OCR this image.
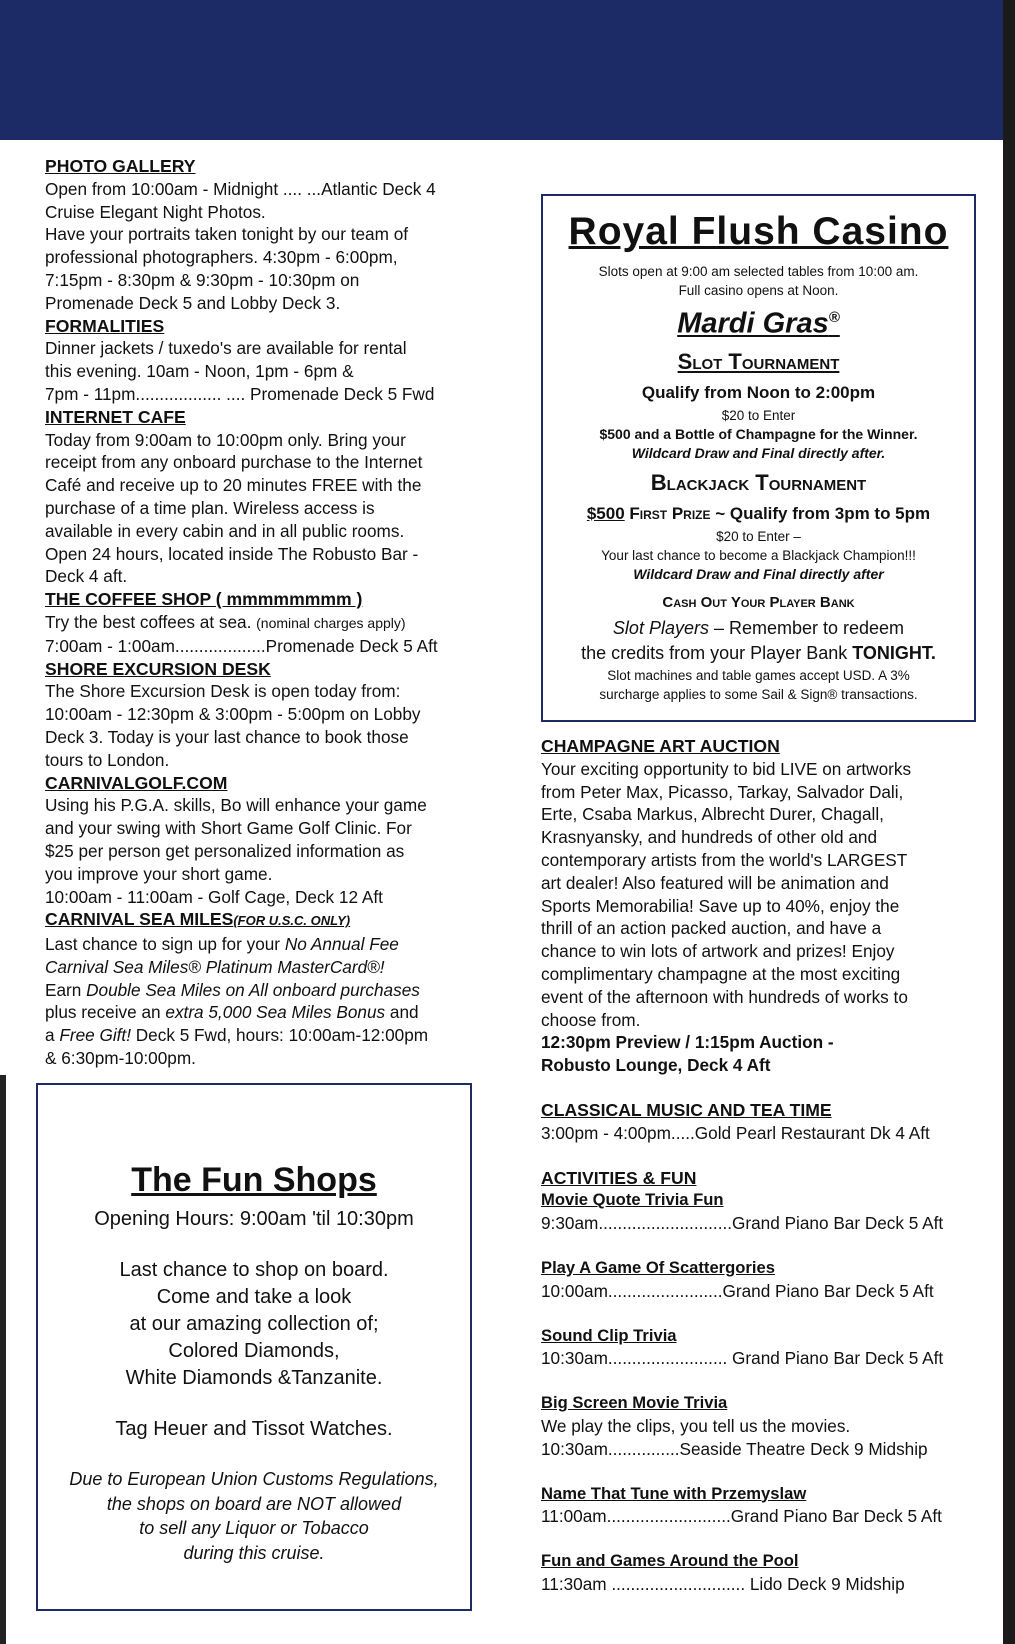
PHOTO GALLERY

Open from 10:00am - Midnight .... ...Atlantic Deck 4

Cruise Elegant Night Photos.

Have your portraits taken tonight by our team of

professional photographers. 4:30pm - 6:00pm,

7:15pm - 8:30pm & 9:30pm - 10:30pm on

Promenade Deck 5 and Lobby Deck 3.

FORMALITIES

Dinner jackets / tuxedo's are available for rental

this evening. 10am - Noon, 1pm - 6pm &

7pm - 11pm.................. .... Promenade Deck 5 Fwd

INTERNET CAFE

Today from 9:00am to 10:00pm only. Bring your

receipt from any onboard purchase to the Internet

Café and receive up to 20 minutes FREE with the

purchase of a time plan. Wireless access is

available in every cabin and in all public rooms.

Open 24 hours, located inside The Robusto Bar -

Deck 4 aft.

THE COFFEE SHOP ( mmmmmmmm )

Try the best coffees at sea. (nominal charges apply)

7:00am - 1:00am...................Promenade Deck 5 Aft

SHORE EXCURSION DESK

The Shore Excursion Desk is open today from:

10:00am - 12:30pm & 3:00pm - 5:00pm on Lobby

Deck 3. Today is your last chance to book those

tours to London.

CARNIVALGOLF.COM

Using his P.G.A. skills, Bo will enhance your game

and your swing with Short Game Golf Clinic. For

$25 per person get personalized information as

you improve your short game.

10:00am - 11:00am - Golf Cage, Deck 12 Aft

CARNIVAL SEA MILES(FOR U.S.C. ONLY)

Last chance to sign up for your No Annual Fee

Carnival Sea Miles® Platinum MasterCard®!

Earn Double Sea Miles on All onboard purchases

plus receive an extra 5,000 Sea Miles Bonus and

a Free Gift! Deck 5 Fwd, hours: 10:00am-12:00pm

& 6:30pm-10:00pm.

Royal Flush Casino

Slots open at 9:00 am selected tables from 10:00 am.

Full casino opens at Noon.

Mardi Gras®

Slot Tournament

Qualify from Noon to 2:00pm

$20 to Enter

$500 and a Bottle of Champagne for the Winner.

Wildcard Draw and Final directly after.

Blackjack Tournament

$500 First Prize ~ Qualify from 3pm to 5pm

$20 to Enter –

Your last chance to become a Blackjack Champion!!!

Wildcard Draw and Final directly after

Cash Out Your Player Bank

Slot Players – Remember to redeem

the credits from your Player Bank TONIGHT.

Slot machines and table games accept USD. A 3%

surcharge applies to some Sail & Sign® transactions.

CHAMPAGNE ART AUCTION

Your exciting opportunity to bid LIVE on artworks

from Peter Max, Picasso, Tarkay, Salvador Dali,

Erte, Csaba Markus, Albrecht Durer, Chagall,

Krasnyansky, and hundreds of other old and

contemporary artists from the world's LARGEST

art dealer! Also featured will be animation and

Sports Memorabilia! Save up to 40%, enjoy the

thrill of an action packed auction, and have a

chance to win lots of artwork and prizes! Enjoy

complimentary champagne at the most exciting

event of the afternoon with hundreds of works to

choose from.

12:30pm Preview / 1:15pm Auction -

Robusto Lounge, Deck 4 Aft

CLASSICAL MUSIC AND TEA TIME

3:00pm - 4:00pm.....Gold Pearl Restaurant Dk 4 Aft

ACTIVITIES & FUN

Movie Quote Trivia Fun

9:30am............................Grand Piano Bar Deck 5 Aft

Play A Game Of Scattergories

10:00am........................Grand Piano Bar Deck 5 Aft

Sound Clip Trivia

10:30am......................... Grand Piano Bar Deck 5 Aft

Big Screen Movie Trivia

We play the clips, you tell us the movies.

10:30am...............Seaside Theatre Deck 9 Midship

Name That Tune with Przemyslaw

11:00am..........................Grand Piano Bar Deck 5 Aft

Fun and Games Around the Pool

11:30am ............................ Lido Deck 9 Midship

The Fun Shops

Opening Hours: 9:00am 'til 10:30pm

Last chance to shop on board.

Come and take a look

at our amazing collection of;

Colored Diamonds,

White Diamonds &Tanzanite.

Tag Heuer and Tissot Watches.

Due to European Union Customs Regulations,

the shops on board are NOT allowed

to sell any Liquor or Tobacco

during this cruise.
